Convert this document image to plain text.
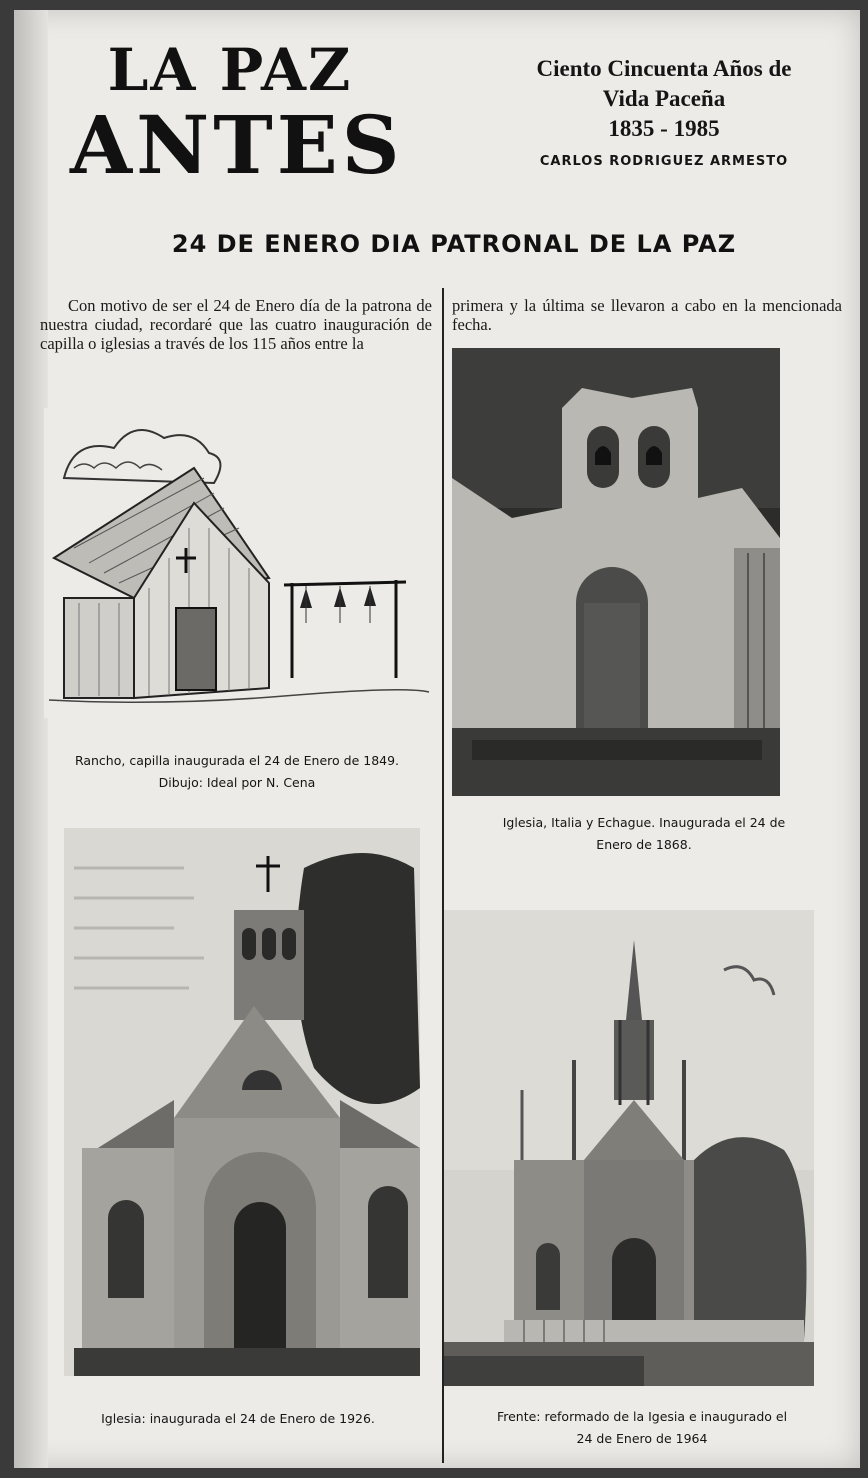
LA PAZ
ANTES
Ciento Cincuenta Años de
Vida Paceña
1835 - 1985
CARLOS RODRIGUEZ ARMESTO
24 DE ENERO DIA PATRONAL DE LA PAZ
Con motivo de ser el 24 de Enero día de la patrona de nuestra ciudad, recordaré que las cuatro inauguración de capilla o iglesias a través de los 115 años entre la
primera y la última se llevaron a cabo en la mencionada fecha.
Rancho, capilla inaugurada el 24 de Enero de 1849.
Dibujo: Ideal por N. Cena
Iglesia, Italia y Echague. Inaugurada el 24 de
Enero de 1868.
Iglesia: inaugurada el 24 de Enero de 1926.	Frente: reformado de la Igesia e inaugurado el
24 de Enero de 1964
